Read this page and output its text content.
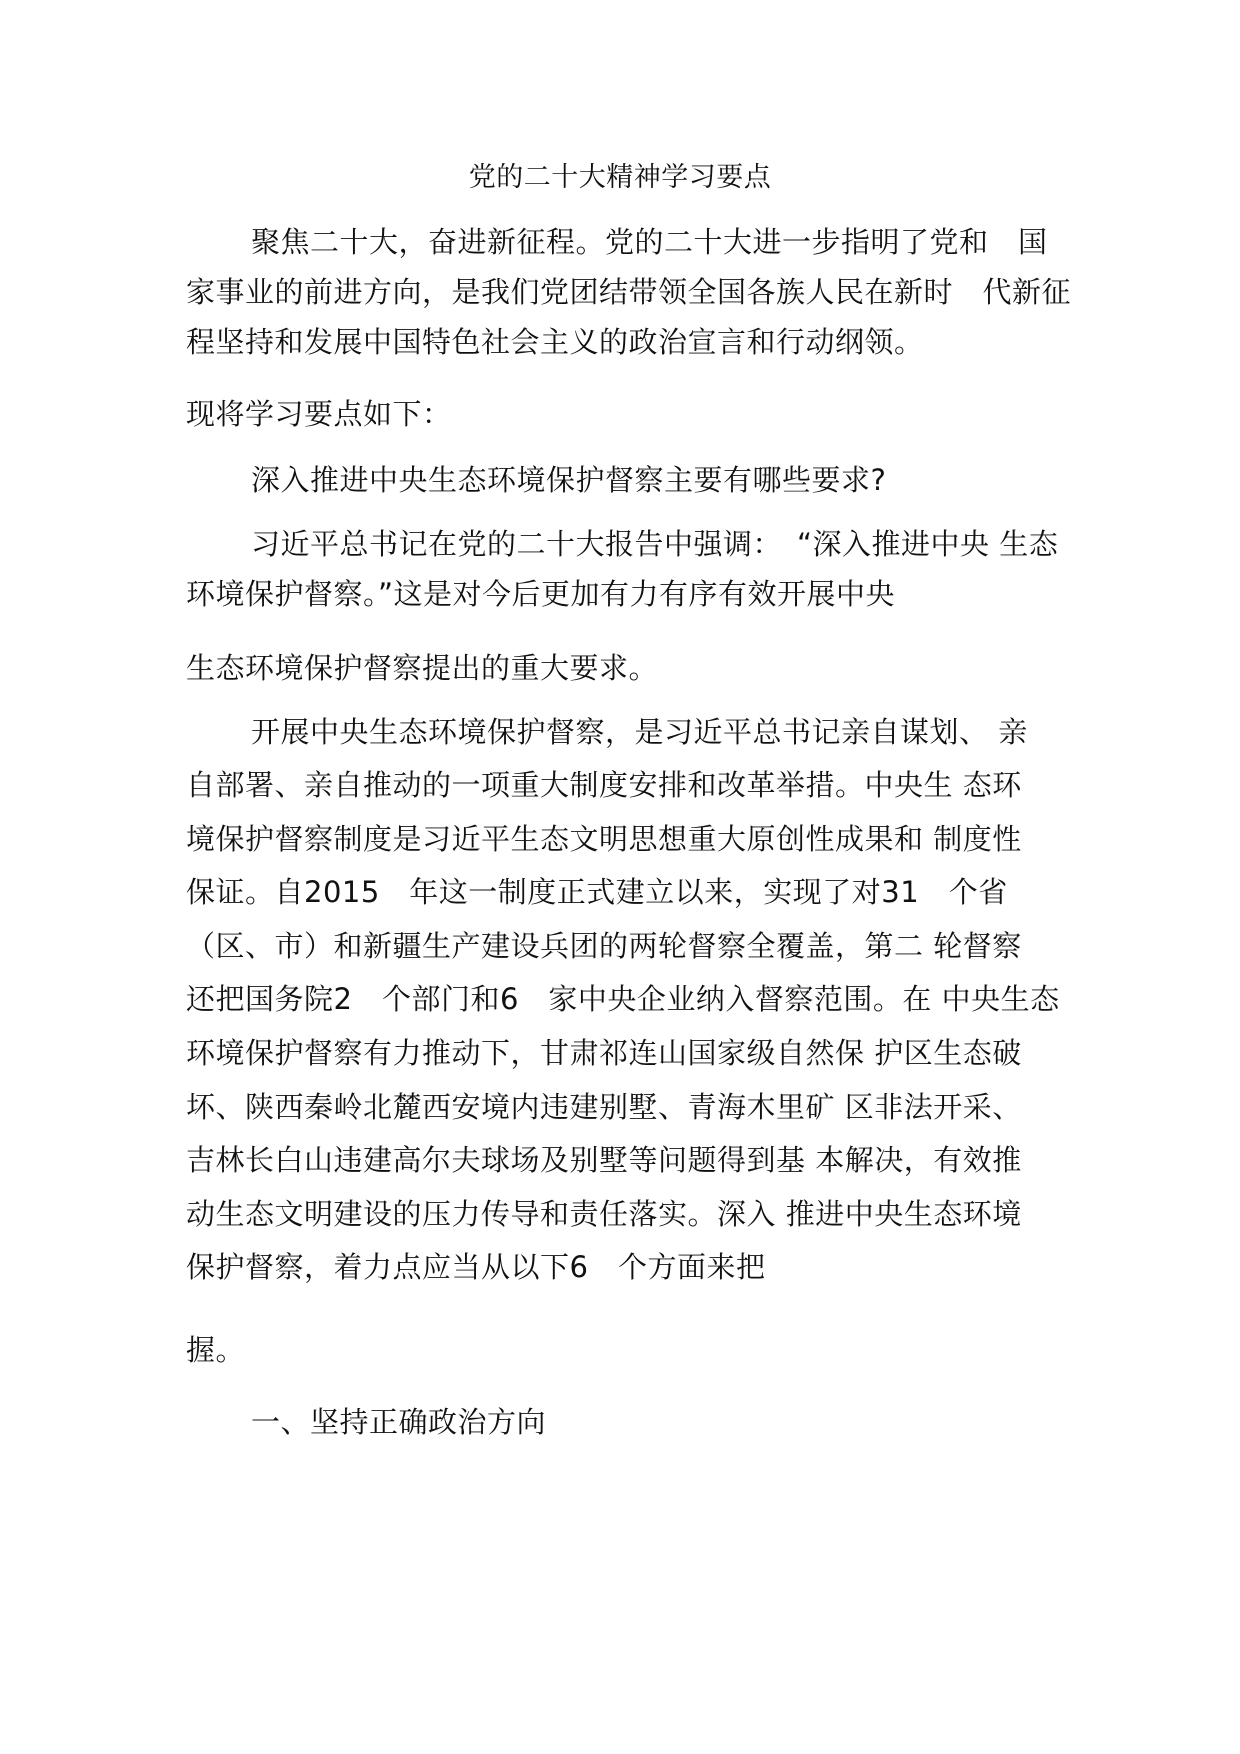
党的二十大精神学习要点

聚焦二十大，奋进新征程。党的二十大进一步指明了党和　国

家事业的前进方向，是我们党团结带领全国各族人民在新时　代新征

程坚持和发展中国特色社会主义的政治宣言和行动纲领。

现将学习要点如下：

深入推进中央生态环境保护督察主要有哪些要求?

习近平总书记在党的二十大报告中强调：　“深入推进中央 生态

环境保护督察。”这是对今后更加有力有序有效开展中央

生态环境保护督察提出的重大要求。

开展中央生态环境保护督察，是习近平总书记亲自谋划、 亲

自部署、亲自推动的一项重大制度安排和改革举措。中央生 态环

境保护督察制度是习近平生态文明思想重大原创性成果和 制度性

保证。自2015　年这一制度正式建立以来，实现了对31　个省

（区、市）和新疆生产建设兵团的两轮督察全覆盖，第二 轮督察

还把国务院2　个部门和6　家中央企业纳入督察范围。在 中央生态

环境保护督察有力推动下，甘肃祁连山国家级自然保 护区生态破

坏、陕西秦岭北麓西安境内违建别墅、青海木里矿 区非法开采、

吉林长白山违建高尔夫球场及别墅等问题得到基 本解决，有效推

动生态文明建设的压力传导和责任落实。深入 推进中央生态环境

保护督察，着力点应当从以下6　个方面来把

握。

一、坚持正确政治方向
